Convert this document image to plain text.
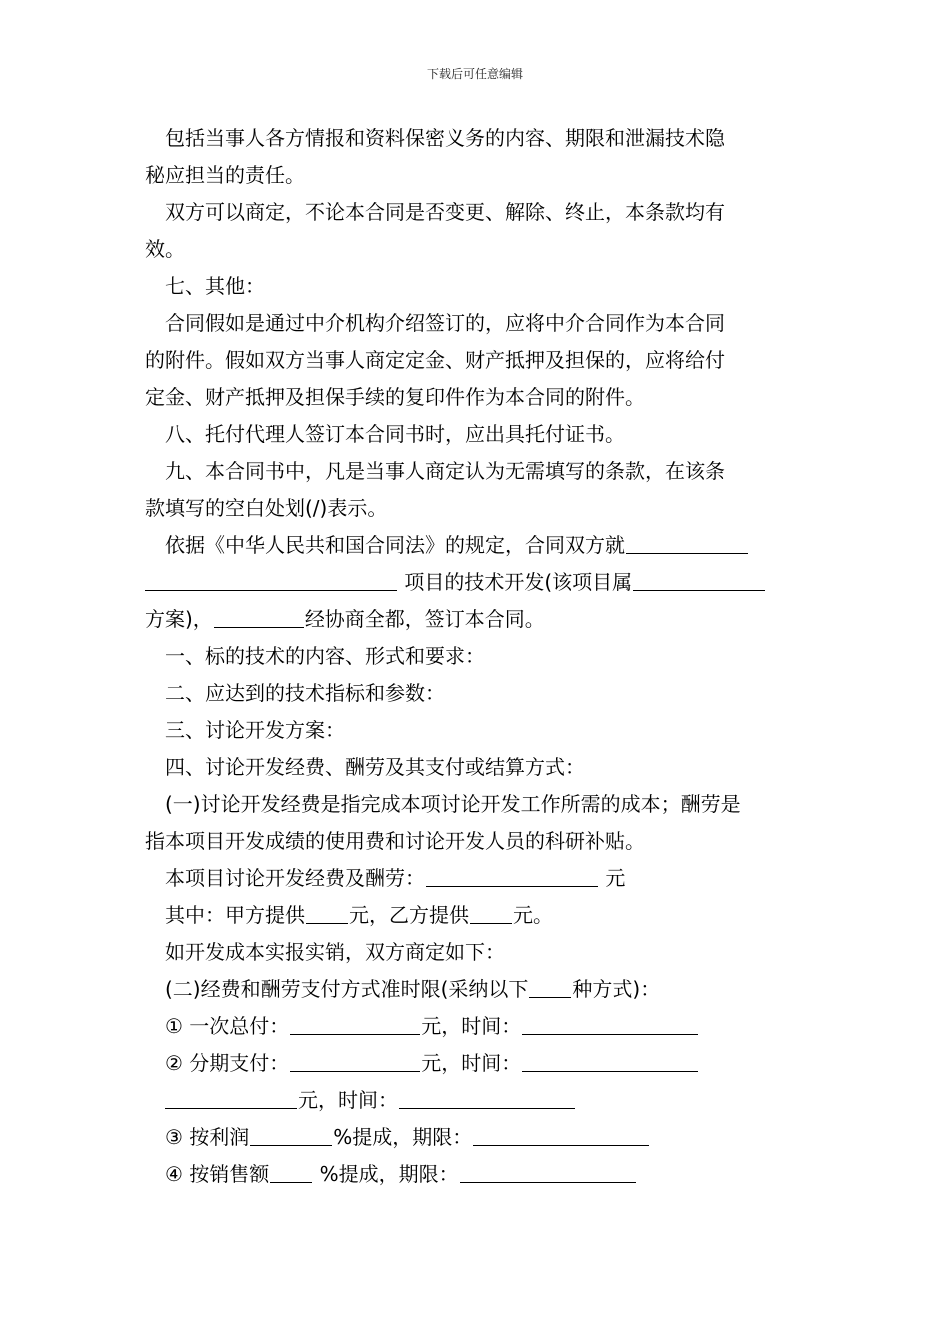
下载后可任意编辑
包括当事人各方情报和资料保密义务的内容、期限和泄漏技术隐
秘应担当的责任。
双方可以商定，不论本合同是否变更、解除、终止，本条款均有
效。
七、其他：
合同假如是通过中介机构介绍签订的，应将中介合同作为本合同
的附件。假如双方当事人商定定金、财产抵押及担保的，应将给付
定金、财产抵押及担保手续的复印件作为本合同的附件。
八、托付代理人签订本合同书时，应出具托付证书。
九、本合同书中，凡是当事人商定认为无需填写的条款，在该条
款填写的空白处划(/)表示。
依据《中华人民共和国合同法》的规定，合同双方就
项目的技术开发(该项目属
方案)，	经协商全都，签订本合同。
一、标的技术的内容、形式和要求：
二、应达到的技术指标和参数：
三、讨论开发方案：
四、讨论开发经费、酬劳及其支付或结算方式：
(一)讨论开发经费是指完成本项讨论开发工作所需的成本；酬劳是
指本项目开发成绩的使用费和讨论开发人员的科研补贴。
本项目讨论开发经费及酬劳：	元
其中：甲方提供 元，乙方提供 元。
如开发成本实报实销，双方商定如下：
(二)经费和酬劳支付方式准时限(采纳以下 种方式)：
① 一次总付：	元，时间：
② 分期支付：	元，时间：
元，时间：
③ 按利润	%提成，期限：
④ 按销售额 %提成，期限：
